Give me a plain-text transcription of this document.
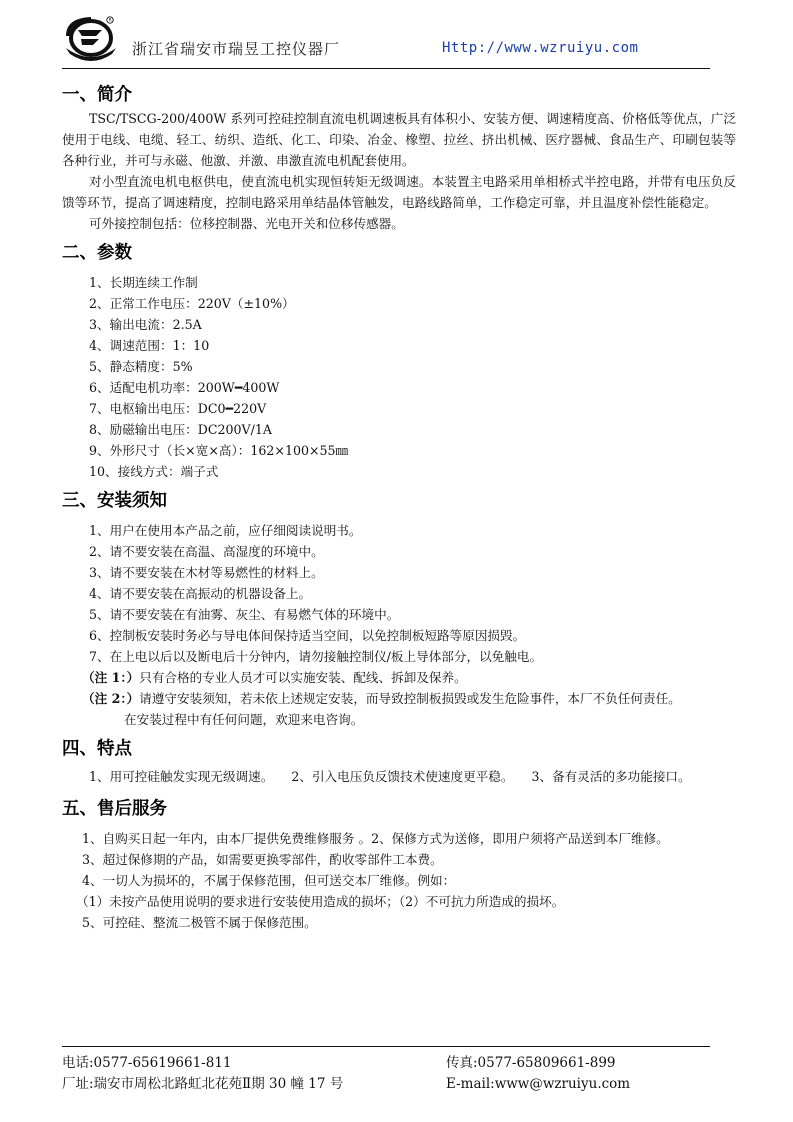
R
浙江省瑞安市瑞昱工控仪器厂	Http://www.wzruiyu.com
一、简介

TSC/TSCG-200/400W 系列可控硅控制直流电机调速板具有体积小、安装方便、调速精度高、价格低等优点，广泛使用于电线、电缆、轻工、纺织、造纸、化工、印染、冶金、橡塑、拉丝、挤出机械、医疗器械、食品生产、印刷包装等各种行业，并可与永磁、他激、并激、串激直流电机配套使用。

对小型直流电机电枢供电，使直流电机实现恒转矩无级调速。本装置主电路采用单相桥式半控电路，并带有电压负反馈等环节，提高了调速精度，控制电路采用单结晶体管触发，电路线路简单，工作稳定可靠，并且温度补偿性能稳定。

可外接控制包括：位移控制器、光电开关和位移传感器。

二、参数

1、长期连续工作制

2、正常工作电压：220V（±10%）

3、输出电流：2.5A

4、调速范围：1：10

5、静态精度：5%

6、适配电机功率：200W━400W

7、电枢输出电压：DC0━220V

8、励磁输出电压：DC200V/1A

9、外形尺寸（长×宽×高）：162×100×55㎜

10、接线方式：端子式

三、安装须知

1、用户在使用本产品之前，应仔细阅读说明书。

2、请不要安装在高温、高湿度的环境中。

3、请不要安装在木材等易燃性的材料上。

4、请不要安装在高振动的机器设备上。

5、请不要安装在有油雾、灰尘、有易燃气体的环境中。

6、控制板安装时务必与导电体间保持适当空间，以免控制板短路等原因损毁。

7、在上电以后以及断电后十分钟内，请勿接触控制仪/板上导体部分，以免触电。

（注 1：）只有合格的专业人员才可以实施安装、配线、拆卸及保养。

（注 2：）请遵守安装须知，若未依上述规定安装，而导致控制板损毁或发生危险事件，本厂不负任何责任。

在安装过程中有任何问题，欢迎来电咨询。

四、特点

1、用可控硅触发实现无级调速。 2、引入电压负反馈技术使速度更平稳。 3、备有灵活的多功能接口。

五、售后服务

1、自购买日起一年内，由本厂提供免费维修服务 。2、保修方式为送修，即用户须将产品送到本厂维修。

3、超过保修期的产品，如需要更换零部件，酌收零部件工本费。

4、一切人为损坏的，不属于保修范围，但可送交本厂维修。例如：

（1）未按产品使用说明的要求进行安装使用造成的损坏；（2）不可抗力所造成的损坏。

5、可控硅、整流二极管不属于保修范围。

电话:0577-65619661-811	传真:0577-65809661-899
厂址:瑞安市周松北路虹北花苑Ⅱ期 30 幢 17 号	E-mail:www@wzruiyu.com
